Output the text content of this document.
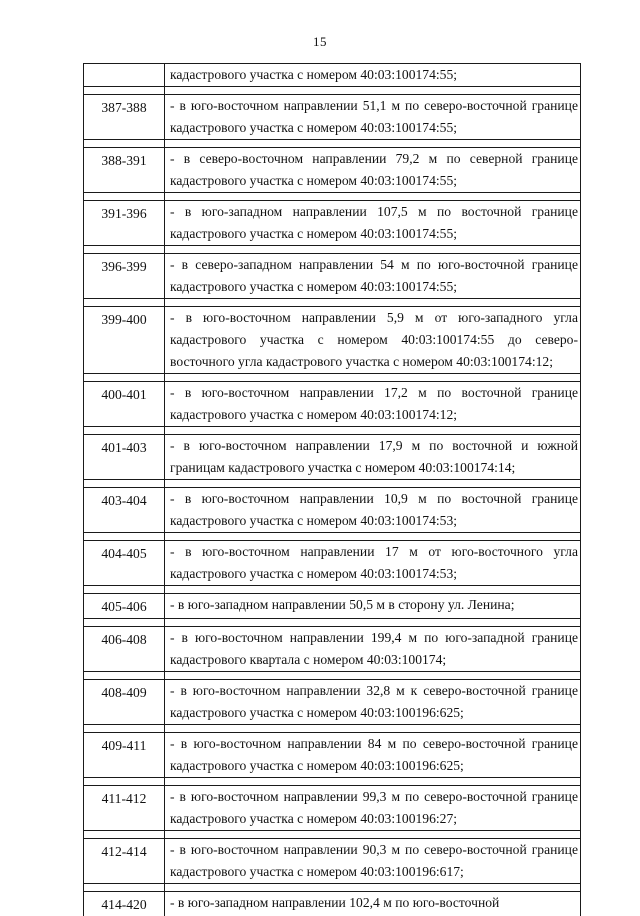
15
	кадастрового участка с номером 40:03:100174:55;

387-388	- в юго-восточном направлении 51,1 м по северо-восточной границе кадастрового участка с номером 40:03:100174:55;

388-391	- в северо-восточном направлении 79,2 м по северной границе кадастрового участка с номером 40:03:100174:55;

391-396	- в юго-западном направлении 107,5 м по восточной границе кадастрового участка с номером 40:03:100174:55;

396-399	- в северо-западном направлении 54 м по юго-восточной границе кадастрового участка с номером 40:03:100174:55;

399-400	- в юго-восточном направлении 5,9 м от юго-западного угла кадастрового участка с номером 40:03:100174:55 до северо-восточного угла кадастрового участка с номером 40:03:100174:12;

400-401	- в юго-восточном направлении 17,2 м по восточной границе кадастрового участка с номером 40:03:100174:12;

401-403	- в юго-восточном направлении 17,9 м по восточной и южной границам кадастрового участка с номером 40:03:100174:14;

403-404	- в юго-восточном направлении 10,9 м по восточной границе кадастрового участка с номером 40:03:100174:53;

404-405	- в юго-восточном направлении 17 м от юго-восточного угла кадастрового участка с номером 40:03:100174:53;

405-406	- в юго-западном направлении 50,5 м в сторону ул. Ленина;

406-408	- в юго-восточном направлении 199,4 м по юго-западной границе кадастрового квартала с номером 40:03:100174;

408-409	- в юго-восточном направлении 32,8 м к северо-восточной границе кадастрового участка с номером 40:03:100196:625;

409-411	- в юго-восточном направлении 84 м по северо-восточной границе кадастрового участка с номером 40:03:100196:625;

411-412	- в юго-восточном направлении 99,3 м по северо-восточной границе кадастрового участка с номером 40:03:100196:27;

412-414	- в юго-восточном направлении 90,3 м по северо-восточной границе кадастрового участка с номером 40:03:100196:617;

414-420	- в юго-западном направлении 102,4 м по юго-восточной
